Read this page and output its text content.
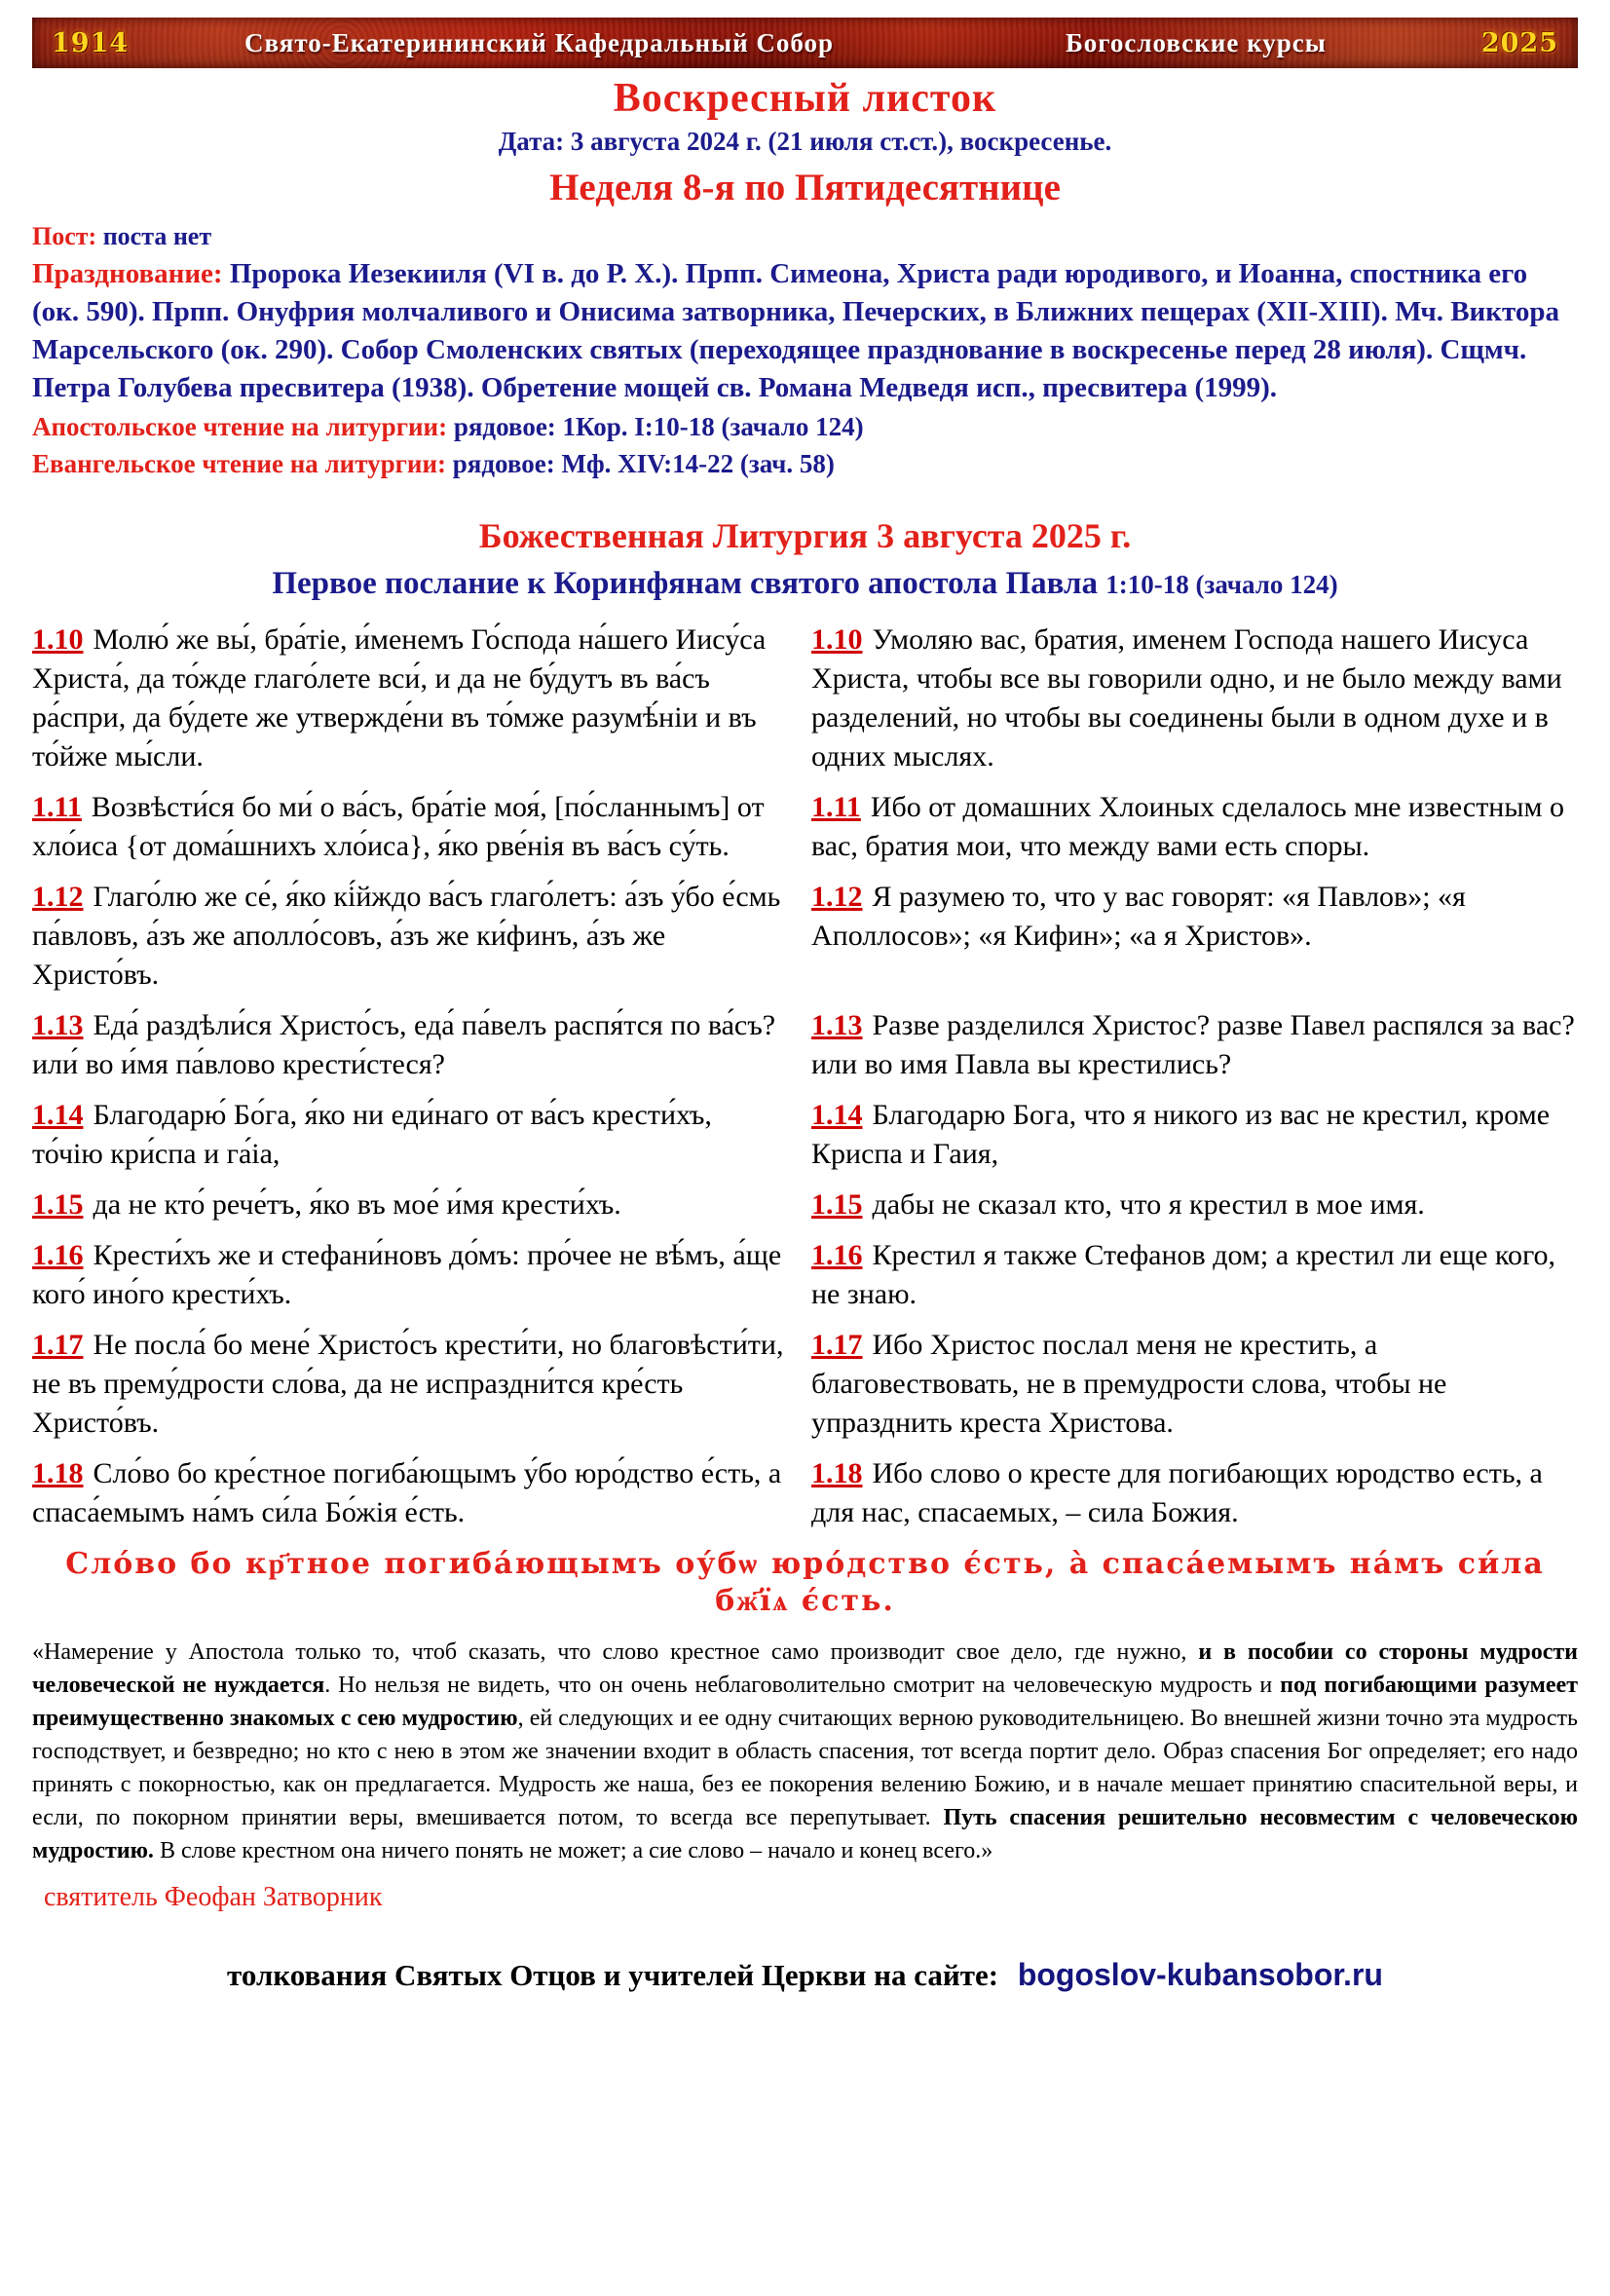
1914	Свято-Екатерининский Кафедральный Собор	Богословские курсы	2025
Воскресный листок
Дата: 3 августа 2024 г. (21 июля ст.ст.), воскресенье.
Неделя 8-я по Пятидесятнице

Пост: поста нет

Празднование: Пророка Иезекииля (VI в. до Р. Х.). Прпп. Симеона, Христа ради юродивого, и Иоанна, спостника его (ок. 590). Прпп. Онуфрия молчаливого и Онисима затворника, Печерских, в Ближних пещерах (XII-XIII). Мч. Виктора Марсельского (ок. 290). Собор Смоленских святых (переходящее празднование в воскресенье перед 28 июля). Сщмч. Петра Голубева пресвитера (1938). Обретение мощей св. Романа Медведя исп., пресвитера (1999).

Апостольское чтение на литургии: рядовое: 1Кор. I:10-18 (зачало 124)

Евангельское чтение на литургии: рядовое: Мф. XIV:14-22 (зач. 58)

Божественная Литургия 3 августа 2025 г.
Первое послание к Коринфянам святого апостола Павла 1:10-18 (зачало 124)
1.10 Молю́ же вы́, бра́тіе, и́менемъ Го́спода на́шего Иису́са Христа́, да то́жде глаго́лете вси́, и да не бу́дутъ въ ва́съ ра́спри, да бу́дете же утвержде́ни въ то́мже разумѣ́ніи и въ то́йже мы́сли.
1.10 Умоляю вас, братия, именем Господа нашего Иисуса Христа, чтобы все вы говорили одно, и не было между вами разделений, но чтобы вы соединены были в одном духе и в одних мыслях.
1.11 Возвѣсти́ся бо ми́ о ва́съ, бра́тіе моя́, [по́сланнымъ] от хло́иса {от дома́шнихъ хло́иса}, я́ко рве́нія въ ва́съ су́ть.
1.11 Ибо от домашних Хлоиных сделалось мне известным о вас, братия мои, что между вами есть споры.
1.12 Глаго́лю же се́, я́ко кі́йждо ва́съ глаго́летъ: а́зъ у́бо е́смь па́вловъ, а́зъ же аполло́совъ, а́зъ же ки́финъ, а́зъ же Христо́въ.
1.12 Я разумею то, что у вас говорят: «я Павлов»; «я Аполлосов»; «я Кифин»; «а я Христов».
1.13 Еда́ раздѣли́ся Христо́съ, еда́ па́велъ распя́тся по ва́съ? или́ во и́мя па́влово крести́стеся?
1.13 Разве разделился Христос? разве Павел распялся за вас? или во имя Павла вы крестились?
1.14 Благодарю́ Бо́га, я́ко ни еди́наго от ва́съ крести́хъ, то́чію кри́спа и га́іа,
1.14 Благодарю Бога, что я никого из вас не крестил, кроме Криспа и Гаия,
1.15 да не кто́ рече́тъ, я́ко въ мое́ и́мя крести́хъ.	1.15 дабы не сказал кто, что я крестил в мое имя.
1.16 Крести́хъ же и стефани́новъ до́мъ: про́чее не вѣ́мъ, а́ще кого́ ино́го крести́хъ.
1.16 Крестил я также Стефанов дом; а крестил ли еще кого, не знаю.
1.17 Не посла́ бо мене́ Христо́съ крести́ти, но благовѣсти́ти, не въ прему́дрости сло́ва, да не испраздни́тся кре́сть Христо́въ.
1.17 Ибо Христос послал меня не крестить, а благовествовать, не в премудрости слова, чтобы не упразднить креста Христова.
1.18 Сло́во бо кре́стное погиба́ющымъ у́бо юро́дство е́сть, а спаса́емымъ на́мъ си́ла Бо́жія е́сть.
1.18 Ибо слово о кресте для погибающих юродство есть, а для нас, спасаемых, – сила Божия.
Сло́во бо кр҃тное погиба́ющымъ оу́бѡ юро́дство є́сть, а̀ спаса́емымъ на́мъ си́ла бж҃їѧ є́сть.

«Намерение у Апостола только то, чтоб сказать, что слово крестное само производит свое дело, где нужно, и в пособии со стороны мудрости человеческой не нуждается. Но нельзя не видеть, что он очень неблаговолительно смотрит на человеческую мудрость и под погибающими разумеет преимущественно знакомых с сею мудростию, ей следующих и ее одну считающих верною руководительницею. Во внешней жизни точно эта мудрость господствует, и безвредно; но кто с нею в этом же значении входит в область спасения, тот всегда портит дело. Образ спасения Бог определяет; его надо принять с покорностью, как он предлагается. Мудрость же наша, без ее покорения велению Божию, и в начале мешает принятию спасительной веры, и если, по покорном принятии веры, вмешивается потом, то всегда все перепутывает. Путь спасения решительно несовместим с человеческою мудростию. В слове крестном она ничего понять не может; а сие слово – начало и конец всего.»

святитель Феофан Затворник
толкования Святых Отцов и учителей Церкви на сайте: bogoslov-kubansobor.ru
